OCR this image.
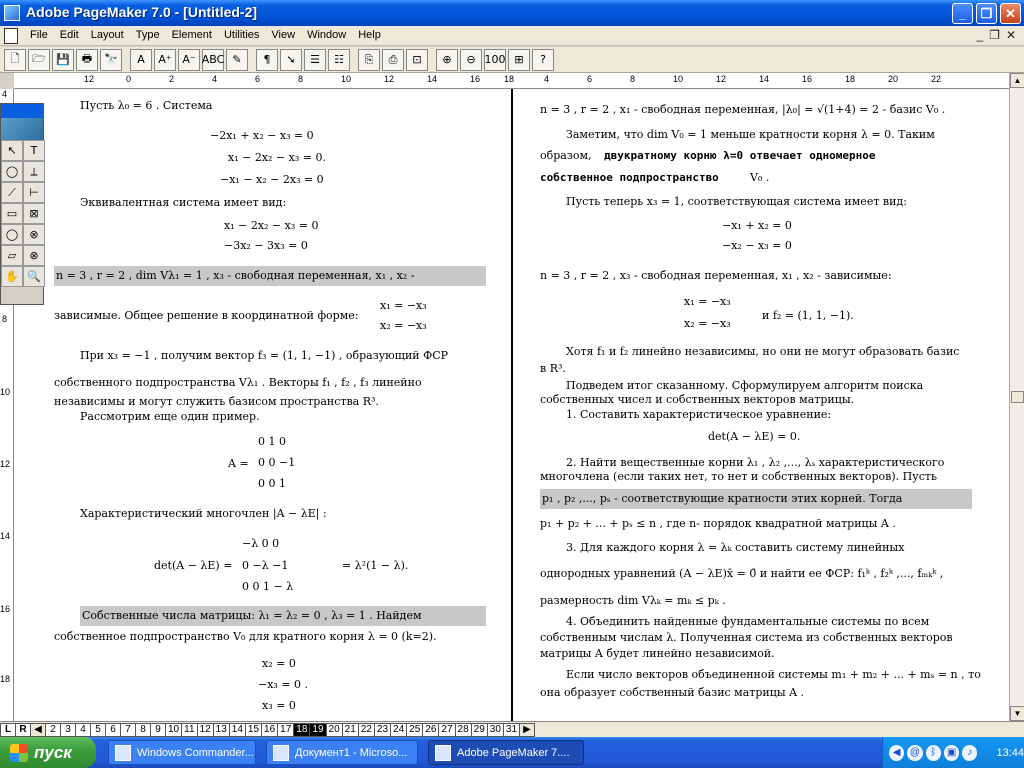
Adobe PageMaker 7.0 - [Untitled-2]	_	❐ ✕
File	Edit	Layout	Type	Element	Utilities	View	Window	Help	_ ❐ ✕
🗋	🗁 💾	🖶	🔭	A	A⁺ A⁻ ABC ✎	¶	➘	☰	☷	⎘	⎙	⊡	⊕	⊖ 100 ⊞	?
12	0	2	4	6	8	10	12	14	16	18	4	6	8	10	12	14	16	18	20	22
4
8
10
12
14
16
18
Пусть λ₀ = 6 . Система
−2x₁ + x₂ − x₃ = 0
x₁ − 2x₂ − x₃ = 0.
−x₁ − x₂ − 2x₃ = 0
Эквивалентная система имеет вид:
x₁ − 2x₂ − x₃ = 0
−3x₂ − 3x₃ = 0
n = 3 , r = 2 , dim Vλ₁ = 1 , x₃ - свободная переменная, x₁ , x₂ -
зависимые. Общее решение в координатной форме:
x₁ = −x₃
x₂ = −x₃
При x₃ = −1 , получим вектор f₃ = (1, 1, −1) , образующий ФСР
собственного подпространства Vλ₁ . Векторы f₁ , f₂ , f₃ линейно
независимы и могут служить базисом пространства R³.
Рассмотрим еще один пример.
A =
0 1 0
0 0 −1
0 0 1
Характеристический многочлен |A − λE| :
det(A − λE) =
−λ 0 0
0 −λ −1
0 0 1 − λ
= λ²(1 − λ).
Собственные числа матрицы: λ₁ = λ₂ = 0 , λ₃ = 1 . Найдем
собственное подпространство V₀ для кратного корня λ = 0 (k=2).
x₂ = 0
−x₃ = 0 .
x₃ = 0
n = 3 , r = 2 , x₁ - свободная переменная, |λ₀| = √(1+4) = 2 - базис V₀ .
Заметим, что dim V₀ = 1 меньше кратности корня λ = 0. Таким
образом, двукратному корню λ=0 отвечает одномерное
собственное подпространство	V₀ .
Пусть теперь x₃ = 1, соответствующая система имеет вид:
−x₁ + x₂ = 0
−x₂ − x₃ = 0
n = 3 , r = 2 , x₃ - свободная переменная, x₁ , x₂ - зависимые:
x₁ = −x₃
и f₂ = (1, 1, −1).
x₂ = −x₃
Хотя f₁ и f₂ линейно независимы, но они не могут образовать базис
в R³.
Подведем итог сказанному. Сформулируем алгоритм поиска
собственных чисел и собственных векторов матрицы.
1. Составить характеристическое уравнение:
det(A − λE) = 0.
2. Найти вещественные корни λ₁ , λ₂ ,..., λₛ характеристического
многочлена (если таких нет, то нет и собственных векторов). Пусть
p₁ , p₂ ,..., pₛ - соответствующие кратности этих корней. Тогда
p₁ + p₂ + ... + pₛ ≤ n , где n- порядок квадратной матрицы A .
3. Для каждого корня λ = λₖ составить систему линейных
однородных уравнений (A − λE)x̄ = 0̄ и найти ее ФСР: f₁ᵏ , f₂ᵏ ,..., fₘₖᵏ ,
размерность dim Vλₖ = mₖ ≤ pₖ .
4. Объединить найденные фундаментальные системы по всем
собственным числам λ. Полученная система из собственных векторов
матрицы A будет линейно независимой.
Если число векторов объединенной системы m₁ + m₂ + ... + mₛ = n , то
она образует собственный базис матрицы A .
↖	T
◯	⟂
⟋	⊢
▭	⊠
◯	⊗
▱	⊗
✋ 🔍
▲
▼
L R ◀ 2 3 4 5 6 7 8 9 10 11 12 13 14 15 16 17 18 19 20 21 22 23 24 25 26 27 28 29 30 31 ▶
пуск	Windows Commander...	Документ1 - Microso...	Adobe PageMaker 7....	◀ @	ᛒ	▣	♪	13:44
